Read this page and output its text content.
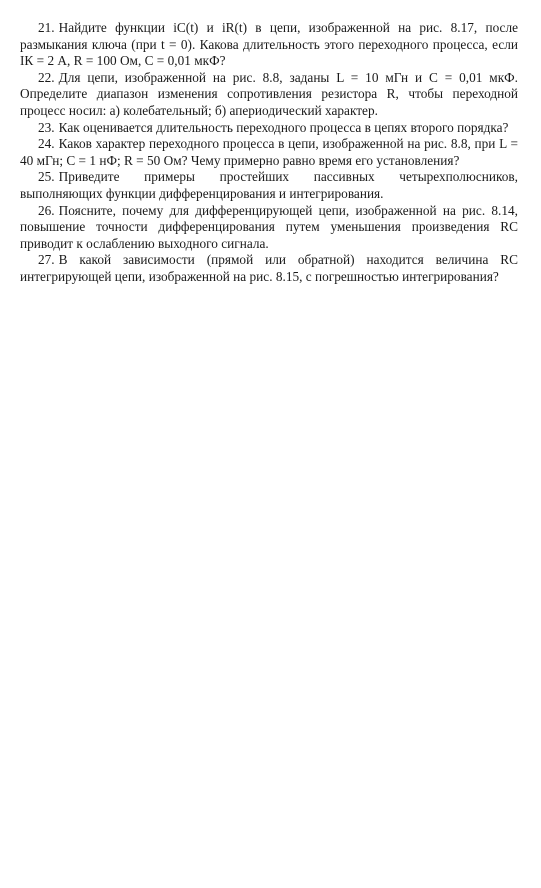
21. Найдите функции iC(t) и iR(t) в цепи, изображенной на рис. 8.17, после размыкания ключа (при t = 0). Какова длительность этого переходного процесса, если IК = 2 А, R = 100 Ом, C = 0,01 мкФ?

22. Для цепи, изображенной на рис. 8.8, заданы L = 10 мГн и C = 0,01 мкФ. Определите диапазон изменения сопротивления резистора R, чтобы переходной процесс носил: а) колебательный; б) апериодический характер.

23. Как оценивается длительность переходного процесса в цепях второго порядка?

24. Каков характер переходного процесса в цепи, изображенной на рис. 8.8, при L = 40 мГн; C = 1 нФ; R = 50 Ом? Чему примерно равно время его установления?

25. Приведите примеры простейших пассивных четырехполюсников, выполняющих функции дифференцирования и интегрирования.

26. Поясните, почему для дифференцирующей цепи, изображенной на рис. 8.14, повышение точности дифференцирования путем уменьшения произведения RC приводит к ослаблению выходного сигнала.

27. В какой зависимости (прямой или обратной) находится величина RC интегрирующей цепи, изображенной на рис. 8.15, с погрешностью интегрирования?
